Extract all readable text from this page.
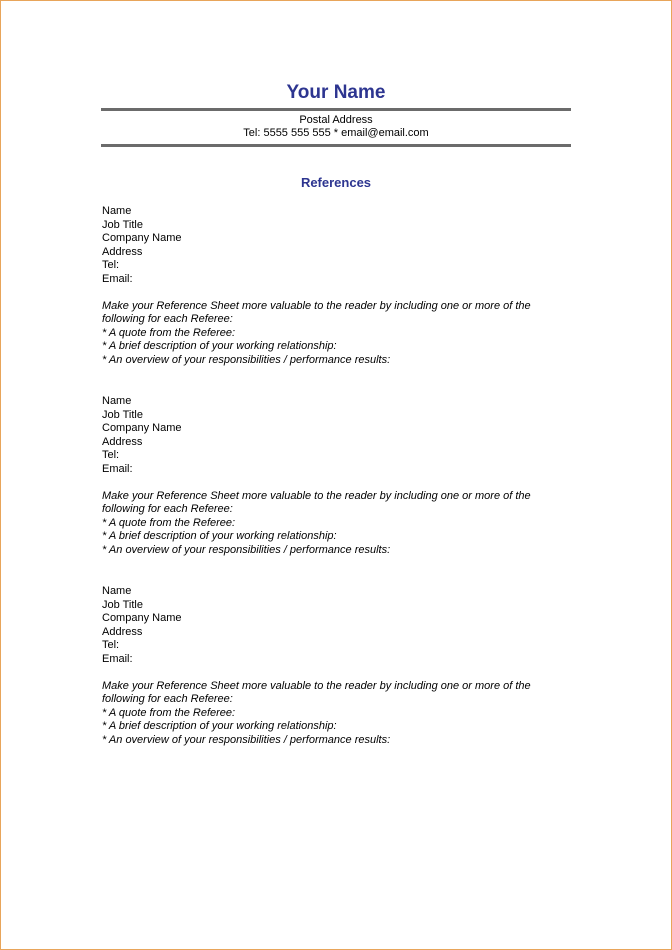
Your Name
Postal Address
Tel: 5555 555 555 * email@email.com
References
Name
Job Title
Company Name
Address
Tel:
Email:
Make your Reference Sheet more valuable to the reader by including one or more of the
following for each Referee:
* A quote from the Referee:
* A brief description of your working relationship:
* An overview of your responsibilities / performance results:
Name
Job Title
Company Name
Address
Tel:
Email:
Make your Reference Sheet more valuable to the reader by including one or more of the
following for each Referee:
* A quote from the Referee:
* A brief description of your working relationship:
* An overview of your responsibilities / performance results:
Name
Job Title
Company Name
Address
Tel:
Email:
Make your Reference Sheet more valuable to the reader by including one or more of the
following for each Referee:
* A quote from the Referee:
* A brief description of your working relationship:
* An overview of your responsibilities / performance results:
